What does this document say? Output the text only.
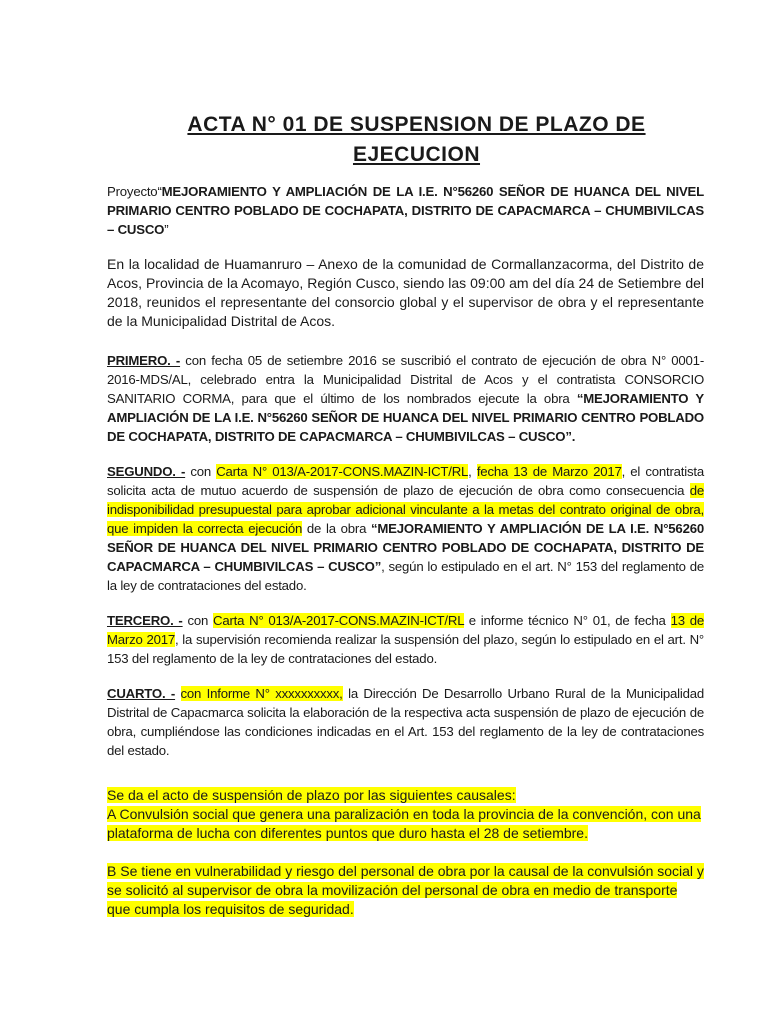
ACTA N° 01 DE SUSPENSION DE PLAZO DE EJECUCION

Proyecto“MEJORAMIENTO Y AMPLIACIÓN DE LA I.E. N°56260 SEÑOR DE HUANCA DEL NIVEL PRIMARIO CENTRO POBLADO DE COCHAPATA, DISTRITO DE CAPACMARCA – CHUMBIVILCAS – CUSCO”

En la localidad de Huamanruro – Anexo de la comunidad de Cormallanzacorma, del Distrito de Acos, Provincia de la Acomayo, Región Cusco, siendo las 09:00 am del día 24 de Setiembre del 2018, reunidos el representante del consorcio global y el supervisor de obra y el representante de la Municipalidad Distrital de Acos.

PRIMERO. - con fecha 05 de setiembre 2016 se suscribió el contrato de ejecución de obra N° 0001-2016-MDS/AL, celebrado entra la Municipalidad Distrital de Acos y el contratista CONSORCIO SANITARIO CORMA, para que el último de los nombrados ejecute la obra “MEJORAMIENTO Y AMPLIACIÓN DE LA I.E. N°56260 SEÑOR DE HUANCA DEL NIVEL PRIMARIO CENTRO POBLADO DE COCHAPATA, DISTRITO DE CAPACMARCA – CHUMBIVILCAS – CUSCO”.

SEGUNDO. - con Carta N° 013/A-2017-CONS.MAZIN-ICT/RL, fecha 13 de Marzo 2017, el contratista solicita acta de mutuo acuerdo de suspensión de plazo de ejecución de obra como consecuencia de indisponibilidad presupuestal para aprobar adicional vinculante a la metas del contrato original de obra, que impiden la correcta ejecución de la obra “MEJORAMIENTO Y AMPLIACIÓN DE LA I.E. N°56260 SEÑOR DE HUANCA DEL NIVEL PRIMARIO CENTRO POBLADO DE COCHAPATA, DISTRITO DE CAPACMARCA – CHUMBIVILCAS – CUSCO”, según lo estipulado en el art. N° 153 del reglamento de la ley de contrataciones del estado.

TERCERO. - con Carta N° 013/A-2017-CONS.MAZIN-ICT/RL e informe técnico N° 01, de fecha 13 de Marzo 2017, la supervisión recomienda realizar la suspensión del plazo, según lo estipulado en el art. N° 153 del reglamento de la ley de contrataciones del estado.

CUARTO. - con Informe N° xxxxxxxxxx, la Dirección De Desarrollo Urbano Rural de la Municipalidad Distrital de Capacmarca solicita la elaboración de la respectiva acta suspensión de plazo de ejecución de obra, cumpliéndose las condiciones indicadas en el Art. 153 del reglamento de la ley de contrataciones del estado.

Se da el acto de suspensión de plazo por las siguientes causales:

A Convulsión social que genera una paralización en toda la provincia de la convención, con una plataforma de lucha con diferentes puntos que duro hasta el 28 de setiembre.

B Se tiene en vulnerabilidad y riesgo del personal de obra por la causal de la convulsión social y se solicitó al supervisor de obra la movilización del personal de obra en medio de transporte que cumpla los requisitos de seguridad.
